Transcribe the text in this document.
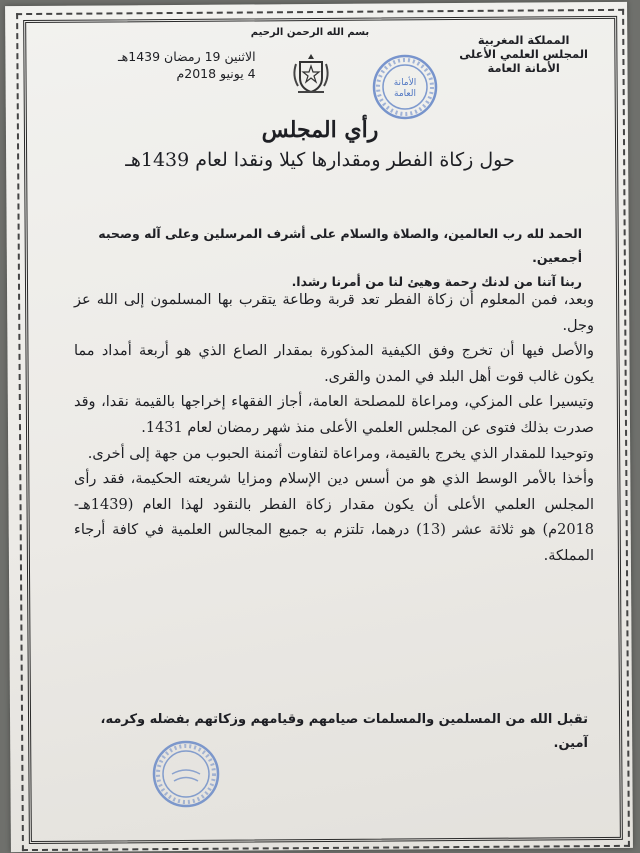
بسم الله الرحمن الرحيم
المملكة المغربية
المجلس العلمي الأعلى
الأمانة العامة
الاثنين 19 رمضان 1439هـ
4 يونيو 2018م
الأمانة
العامة
رأي المجلس
حول زكاة الفطر ومقدارها كيلا ونقدا لعام 1439هـ
الحمد لله رب العالمين، والصلاة والسلام على أشرف المرسلين وعلى آله وصحبه أجمعين.
ربنا آتنا من لدنك رحمة وهيئ لنا من أمرنا رشدا.

وبعد، فمن المعلوم أن زكاة الفطر تعد قربة وطاعة يتقرب بها المسلمون إلى الله عز وجل.

والأصل فيها أن تخرج وفق الكيفية المذكورة بمقدار الصاع الذي هو أربعة أمداد مما يكون غالب قوت أهل البلد في المدن والقرى.

وتيسيرا على المزكي، ومراعاة للمصلحة العامة، أجاز الفقهاء إخراجها بالقيمة نقدا، وقد صدرت بذلك فتوى عن المجلس العلمي الأعلى منذ شهر رمضان لعام 1431.

وتوحيدا للمقدار الذي يخرج بالقيمة، ومراعاة لتفاوت أثمنة الحبوب من جهة إلى أخرى.

وأخذا بالأمر الوسط الذي هو من أسس دين الإسلام ومزايا شريعته الحكيمة، فقد رأى المجلس العلمي الأعلى أن يكون مقدار زكاة الفطر بالنقود لهذا العام (1439هـ- 2018م) هو ثلاثة عشر (13) درهما، تلتزم به جميع المجالس العلمية في كافة أرجاء المملكة.

تقبل الله من المسلمين والمسلمات صيامهم وقيامهم وزكاتهم بفضله وكرمه،
آمين.
